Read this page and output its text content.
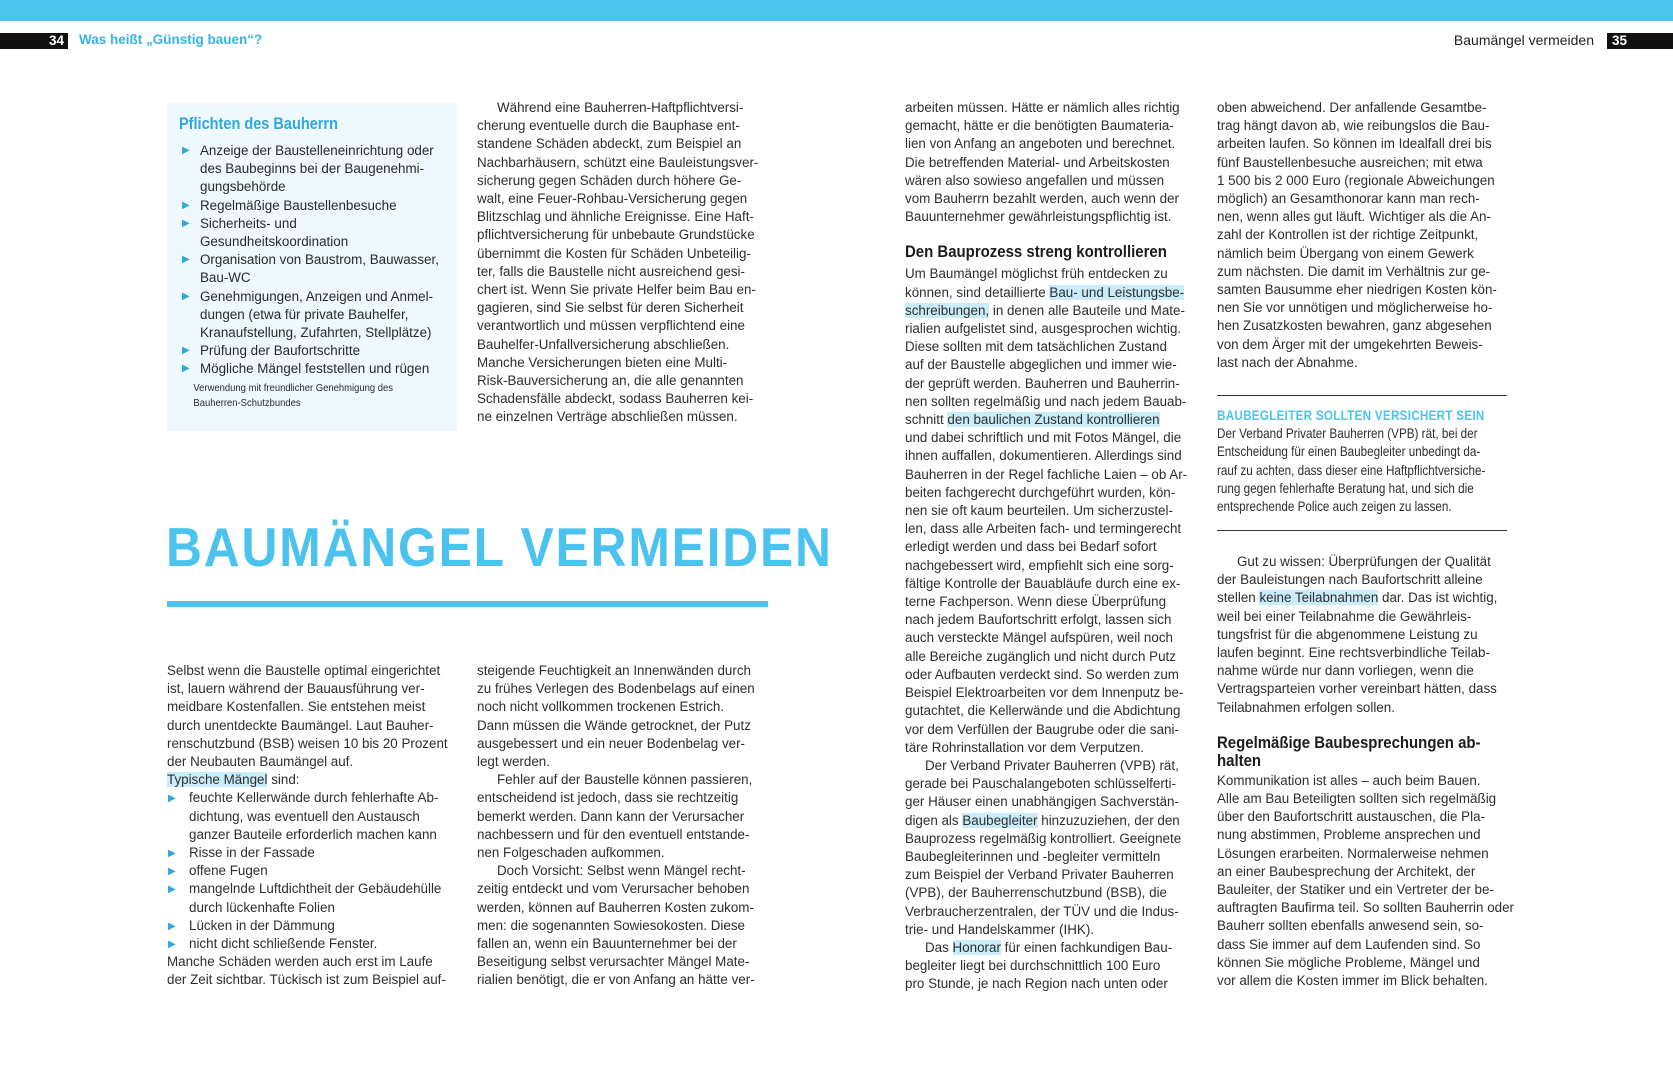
34 Was heißt „Günstig bauen“?	Baumängel vermeiden	35
Pflichten des Bauherrn
▶ Anzeige der Baustelleneinrichtung oder
des Baubeginns bei der Baugenehmi-
gungsbehörde
▶ Regelmäßige Baustellenbesuche
▶ Sicherheits- und Gesundheitskoordination
▶ Organisation von Baustrom, Bauwasser,
Bau-WC
▶ Genehmigungen, Anzeigen und Anmel-
dungen (etwa für private Bauhelfer,
Kranaufstellung, Zufahrten, Stellplätze)
▶ Prüfung der Baufortschritte
▶ Mögliche Mängel feststellen und rügen
Verwendung mit freundlicher Genehmigung des
Bauherren-Schutzbundes
Während eine Bauherren-Haftpflichtversi-
cherung eventuelle durch die Bauphase ent-
standene Schäden abdeckt, zum Beispiel an
Nachbarhäusern, schützt eine Bauleistungsver-
sicherung gegen Schäden durch höhere Ge-
walt, eine Feuer-Rohbau-Versicherung gegen
Blitzschlag und ähnliche Ereignisse. Eine Haft-
pflichtversicherung für unbebaute Grundstücke
übernimmt die Kosten für Schäden Unbeteilig-
ter, falls die Baustelle nicht ausreichend gesi-
chert ist. Wenn Sie private Helfer beim Bau en-
gagieren, sind Sie selbst für deren Sicherheit
verantwortlich und müssen verpflichtend eine
Bauhelfer-Unfallversicherung abschließen.
Manche Versicherungen bieten eine Multi-
Risk-Bauversicherung an, die alle genannten
Schadensfälle abdeckt, sodass Bauherren kei-
ne einzelnen Verträge abschließen müssen.
BAUMÄNGEL VERMEIDEN
Selbst wenn die Baustelle optimal eingerichtet
ist, lauern während der Bauausführung ver-
meidbare Kostenfallen. Sie entstehen meist
durch unentdeckte Baumängel. Laut Bauher-
renschutzbund (BSB) weisen 10 bis 20 Prozent
der Neubauten Baumängel auf.
Typische Mängel sind:
▶ feuchte Kellerwände durch fehlerhafte Ab-
dichtung, was eventuell den Austausch
ganzer Bauteile erforderlich machen kann
▶ Risse in der Fassade
▶ offene Fugen
▶ mangelnde Luftdichtheit der Gebäudehülle
durch lückenhafte Folien
▶ Lücken in der Dämmung
▶ nicht dicht schließende Fenster.
Manche Schäden werden auch erst im Laufe
der Zeit sichtbar. Tückisch ist zum Beispiel auf-
steigende Feuchtigkeit an Innenwänden durch
zu frühes Verlegen des Bodenbelags auf einen
noch nicht vollkommen trockenen Estrich.
Dann müssen die Wände getrocknet, der Putz
ausgebessert und ein neuer Bodenbelag ver-
legt werden.
Fehler auf der Baustelle können passieren,
entscheidend ist jedoch, dass sie rechtzeitig
bemerkt werden. Dann kann der Verursacher
nachbessern und für den eventuell entstande-
nen Folgeschaden aufkommen.
Doch Vorsicht: Selbst wenn Mängel recht-
zeitig entdeckt und vom Verursacher behoben
werden, können auf Bauherren Kosten zukom-
men: die sogenannten Sowiesokosten. Diese
fallen an, wenn ein Bauunternehmer bei der
Beseitigung selbst verursachter Mängel Mate-
rialien benötigt, die er von Anfang an hätte ver-
arbeiten müssen. Hätte er nämlich alles richtig
gemacht, hätte er die benötigten Baumateria-
lien von Anfang an angeboten und berechnet.
Die betreffenden Material- und Arbeitskosten
wären also sowieso angefallen und müssen
vom Bauherrn bezahlt werden, auch wenn der
Bauunternehmer gewährleistungspflichtig ist.
Den Bauprozess streng kontrollieren
Um Baumängel möglichst früh entdecken zu
können, sind detaillierte Bau- und Leistungsbe-
schreibungen, in denen alle Bauteile und Mate-
rialien aufgelistet sind, ausgesprochen wichtig.
Diese sollten mit dem tatsächlichen Zustand
auf der Baustelle abgeglichen und immer wie-
der geprüft werden. Bauherren und Bauherrin-
nen sollten regelmäßig und nach jedem Bauab-
schnitt den baulichen Zustand kontrollieren
und dabei schriftlich und mit Fotos Mängel, die
ihnen auffallen, dokumentieren. Allerdings sind
Bauherren in der Regel fachliche Laien – ob Ar-
beiten fachgerecht durchgeführt wurden, kön-
nen sie oft kaum beurteilen. Um sicherzustel-
len, dass alle Arbeiten fach- und termingerecht
erledigt werden und dass bei Bedarf sofort
nachgebessert wird, empfiehlt sich eine sorg-
fältige Kontrolle der Bauabläufe durch eine ex-
terne Fachperson. Wenn diese Überprüfung
nach jedem Baufortschritt erfolgt, lassen sich
auch versteckte Mängel aufspüren, weil noch
alle Bereiche zugänglich und nicht durch Putz
oder Aufbauten verdeckt sind. So werden zum
Beispiel Elektroarbeiten vor dem Innenputz be-
gutachtet, die Kellerwände und die Abdichtung
vor dem Verfüllen der Baugrube oder die sani-
täre Rohrinstallation vor dem Verputzen.
Der Verband Privater Bauherren (VPB) rät,
gerade bei Pauschalangeboten schlüsselferti-
ger Häuser einen unabhängigen Sachverstän-
digen als Baubegleiter hinzuzuziehen, der den
Bauprozess regelmäßig kontrolliert. Geeignete
Baubegleiterinnen und -begleiter vermitteln
zum Beispiel der Verband Privater Bauherren
(VPB), der Bauherrenschutzbund (BSB), die
Verbraucherzentralen, der TÜV und die Indus-
trie- und Handelskammer (IHK).
Das Honorar für einen fachkundigen Bau-
begleiter liegt bei durchschnittlich 100 Euro
pro Stunde, je nach Region nach unten oder
oben abweichend. Der anfallende Gesamtbe-
trag hängt davon ab, wie reibungslos die Bau-
arbeiten laufen. So können im Idealfall drei bis
fünf Baustellenbesuche ausreichen; mit etwa
1 500 bis 2 000 Euro (regionale Abweichungen
möglich) an Gesamthonorar kann man rech-
nen, wenn alles gut läuft. Wichtiger als die An-
zahl der Kontrollen ist der richtige Zeitpunkt,
nämlich beim Übergang von einem Gewerk
zum nächsten. Die damit im Verhältnis zur ge-
samten Bausumme eher niedrigen Kosten kön-
nen Sie vor unnötigen und möglicherweise ho-
hen Zusatzkosten bewahren, ganz abgesehen
von dem Ärger mit der umgekehrten Beweis-
last nach der Abnahme.
BAUBEGLEITER SOLLTEN VERSICHERT SEIN
Der Verband Privater Bauherren (VPB) rät, bei der
Entscheidung für einen Baubegleiter unbedingt da-
rauf zu achten, dass dieser eine Haftpflichtversiche-
rung gegen fehlerhafte Beratung hat, und sich die
entsprechende Police auch zeigen zu lassen.
Gut zu wissen: Überprüfungen der Qualität
der Bauleistungen nach Baufortschritt alleine
stellen keine Teilabnahmen dar. Das ist wichtig,
weil bei einer Teilabnahme die Gewährleis-
tungsfrist für die abgenommene Leistung zu
laufen beginnt. Eine rechtsverbindliche Teilab-
nahme würde nur dann vorliegen, wenn die
Vertragsparteien vorher vereinbart hätten, dass
Teilabnahmen erfolgen sollen.
Regelmäßige Baubesprechungen ab-
halten
Kommunikation ist alles – auch beim Bauen.
Alle am Bau Beteiligten sollten sich regelmäßig
über den Baufortschritt austauschen, die Pla-
nung abstimmen, Probleme ansprechen und
Lösungen erarbeiten. Normalerweise nehmen
an einer Baubesprechung der Architekt, der
Bauleiter, der Statiker und ein Vertreter der be-
auftragten Baufirma teil. So sollten Bauherrin oder
Bauherr sollten ebenfalls anwesend sein, so-
dass Sie immer auf dem Laufenden sind. So
können Sie mögliche Probleme, Mängel und
vor allem die Kosten immer im Blick behalten.
